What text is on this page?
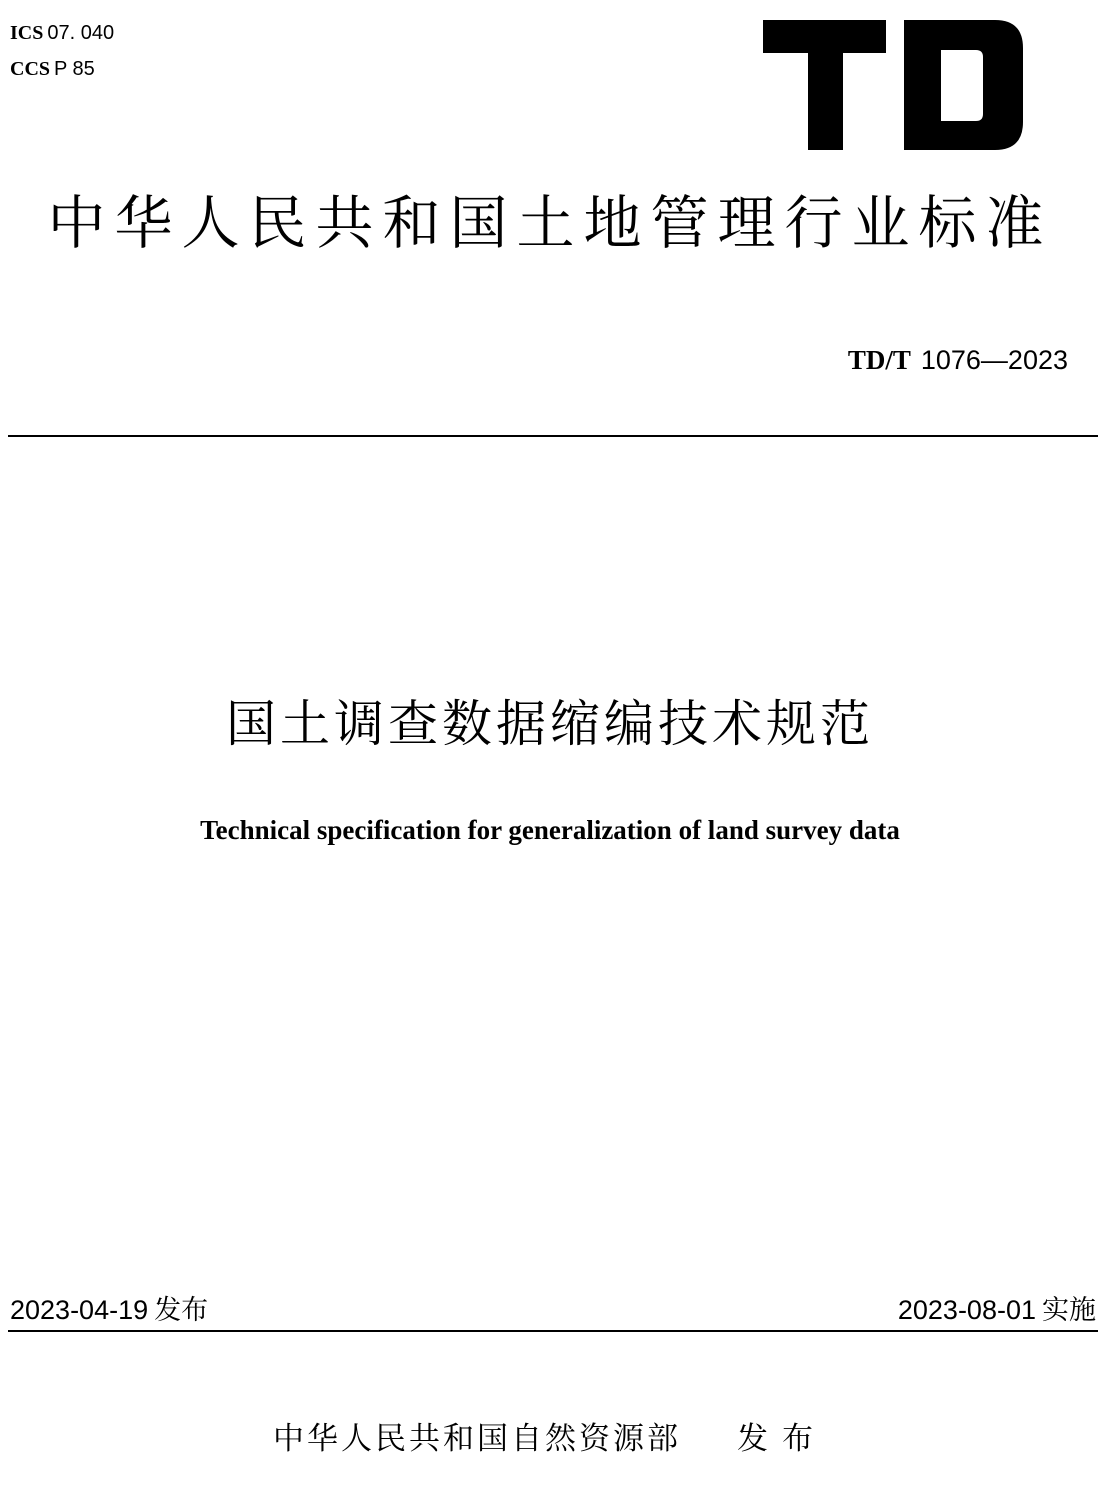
ICS 07. 040
CCS P 85
中华人民共和国土地管理行业标准
TD/T 1076—2023
国土调查数据缩编技术规范
Technical specification for generalization of land survey data
2023-04-19 发布	2023-08-01 实施
中华人民共和国自然资源部 发布
